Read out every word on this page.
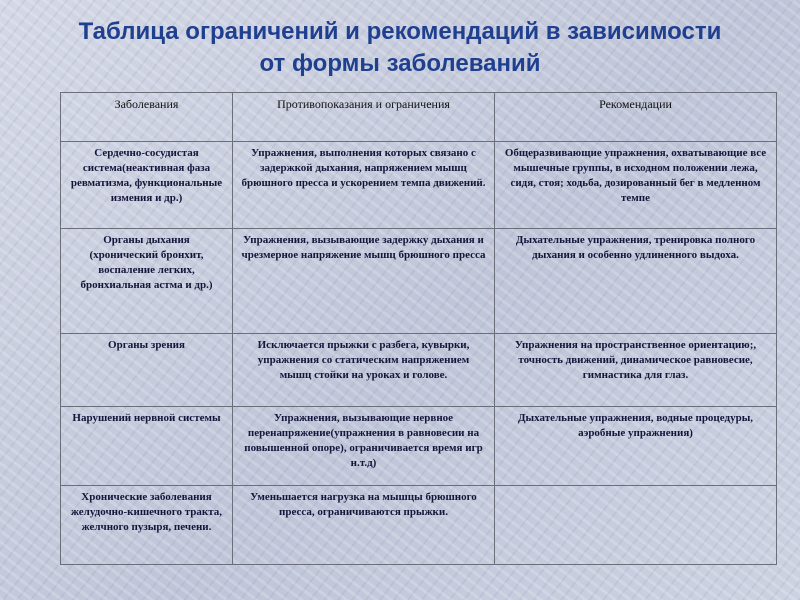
Таблица ограничений и рекомендаций в зависимости
от формы заболеваний
Заболевания	Противопоказания и ограничения	Рекомендации
Сердечно-сосудистая система(неактивная фаза ревматизма, функциональные измения и др.)	Упражнения, выполнения которых связано с задержкой дыхания, напряжением мышц брюшного пресса и ускорением темпа движений.	Общеразвивающие упражнения, охватывающие все мышечные группы, в исходном положении лежа, сидя, стоя; ходьба, дозированный бег в медленном темпе
Органы дыхания (хронический бронхит, воспаление легких, бронхиальная астма и др.)	Упражнения, вызывающие задержку дыхания и чрезмерное напряжение мышц брюшного пресса	Дыхательные упражнения, тренировка полного дыхания и особенно удлиненного выдоха.
Органы зрения	Исключается прыжки с разбега, кувырки, упражнения со статическим напряжением мышц стойки на уроках и голове.	Упражнения на пространственное ориентацию;, точность движений, динамическое равновесие, гимнастика для глаз.
Нарушений нервной системы	Упражнения, вызывающие нервное перенапряжение(упражнения в равновесии на повышенной опоре), ограничивается время игр н.т.д)	Дыхательные упражнения, водные процедуры, аэробные упражнения)
Хронические заболевания желудочно-кишечного тракта, желчного пузыря, печени.	Уменьшается нагрузка на мышцы брюшного пресса, ограничиваются прыжки.	
